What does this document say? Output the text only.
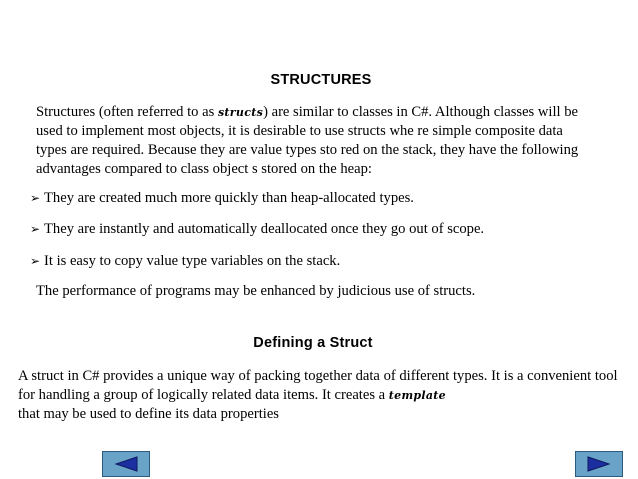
STRUCTURES

Structures (often referred to as structs) are similar to classes in C#. Although classes will be used to implement most objects, it is desirable to use structs whe re simple composite data types are required. Because they are value types sto red on the stack, they have the following advantages compared to class object s stored on the heap:

➢ They are created much more quickly than heap-allocated types.
➢ They are instantly and automatically deallocated once they go out of scope.
➢ It is easy to copy value type variables on the stack.

The performance of programs may be enhanced by judicious use of structs.

Defining a Struct

A struct in C# provides a unique way of packing together data of different types. It is a convenient tool for handling a group of logically related data items. It creates a template
that may be used to define its data properties
